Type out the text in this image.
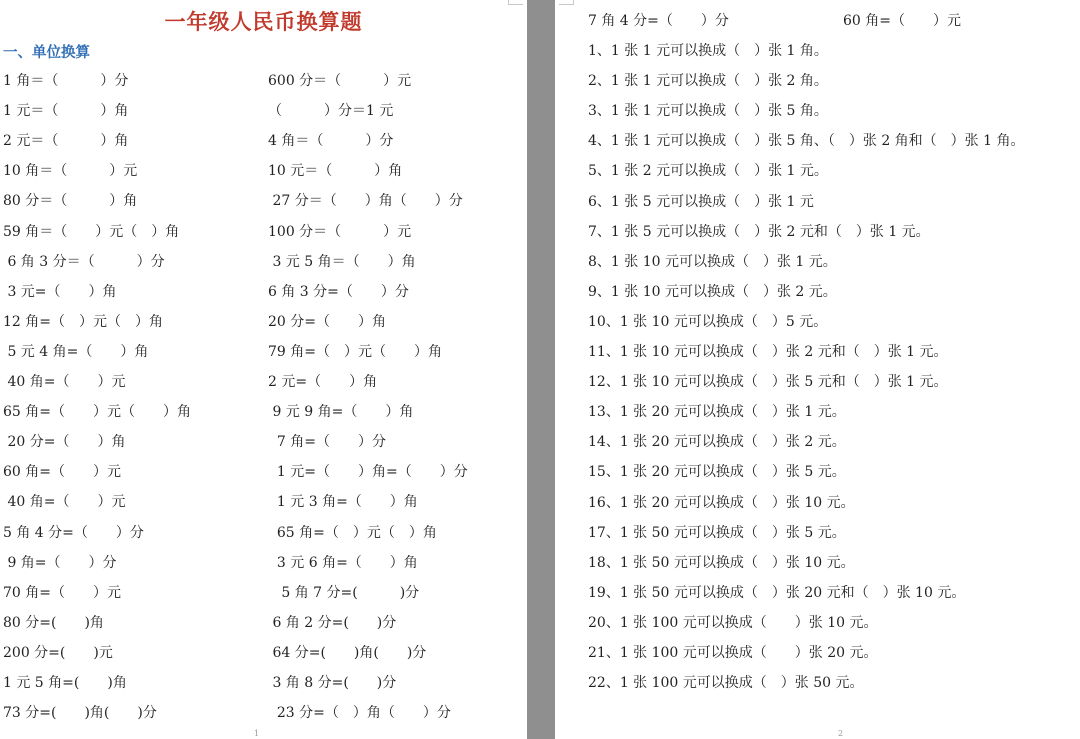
一年级人民币换算题
一、单位换算
1 角＝（　　　）分	600 分＝（　　　）元
1 元＝（　　　）角	（　　　）分＝1 元
2 元＝（　　　）角	4 角＝（　　　）分
10 角＝（　　　）元	10 元＝（　　　）角
80 分＝（　　　）角	27 分＝（　　）角（　　）分
59 角＝（　　）元（　）角	100 分＝（　　　）元
6 角 3 分＝（　　　）分	3 元 5 角＝（　　）角
3 元=（　　）角	6 角 3 分=（　　）分
12 角=（　）元（　）角	20 分=（　　）角
5 元 4 角=（　　）角	79 角=（　）元（　　）角
40 角=（　　）元	2 元=（　　）角
65 角=（　　）元（　　）角	9 元 9 角=（　　）角
20 分=（　　）角	7 角=（　　）分
60 角=（　　）元	1 元=（　　）角=（　　）分
40 角=（　　）元	1 元 3 角=（　　）角
5 角 4 分=（　　）分	65 角=（　）元（　）角
9 角=（　　）分	3 元 6 角=（　　）角
70 角=（　　）元	5 角 7 分=(　　　)分
80 分=(　　)角	6 角 2 分=(　　)分
200 分=(　　)元	64 分=(　　)角(　　)分
1 元 5 角=(　　)角	3 角 8 分=(　　)分
73 分=(　　)角(　　)分	23 分=（　）角（　　）分
1
7 角 4 分=（　　）分	60 角=（　　）元
1、1 张 1 元可以换成（　）张 1 角。
2、1 张 1 元可以换成（　）张 2 角。
3、1 张 1 元可以换成（　）张 5 角。
4、1 张 1 元可以换成（　）张 5 角、（　）张 2 角和（　）张 1 角。
5、1 张 2 元可以换成（　）张 1 元。
6、1 张 5 元可以换成（　）张 1 元
7、1 张 5 元可以换成（　）张 2 元和（　）张 1 元。
8、1 张 10 元可以换成（　）张 1 元。
9、1 张 10 元可以换成（　）张 2 元。
10、1 张 10 元可以换成（　）5 元。
11、1 张 10 元可以换成（　）张 2 元和（　）张 1 元。
12、1 张 10 元可以换成（　）张 5 元和（　）张 1 元。
13、1 张 20 元可以换成（　）张 1 元。
14、1 张 20 元可以换成（　）张 2 元。
15、1 张 20 元可以换成（　）张 5 元。
16、1 张 20 元可以换成（　）张 10 元。
17、1 张 50 元可以换成（　）张 5 元。
18、1 张 50 元可以换成（　）张 10 元。
19、1 张 50 元可以换成（　）张 20 元和（　）张 10 元。
20、1 张 100 元可以换成（　　）张 10 元。
21、1 张 100 元可以换成（　　）张 20 元。
22、1 张 100 元可以换成（　）张 50 元。
2
